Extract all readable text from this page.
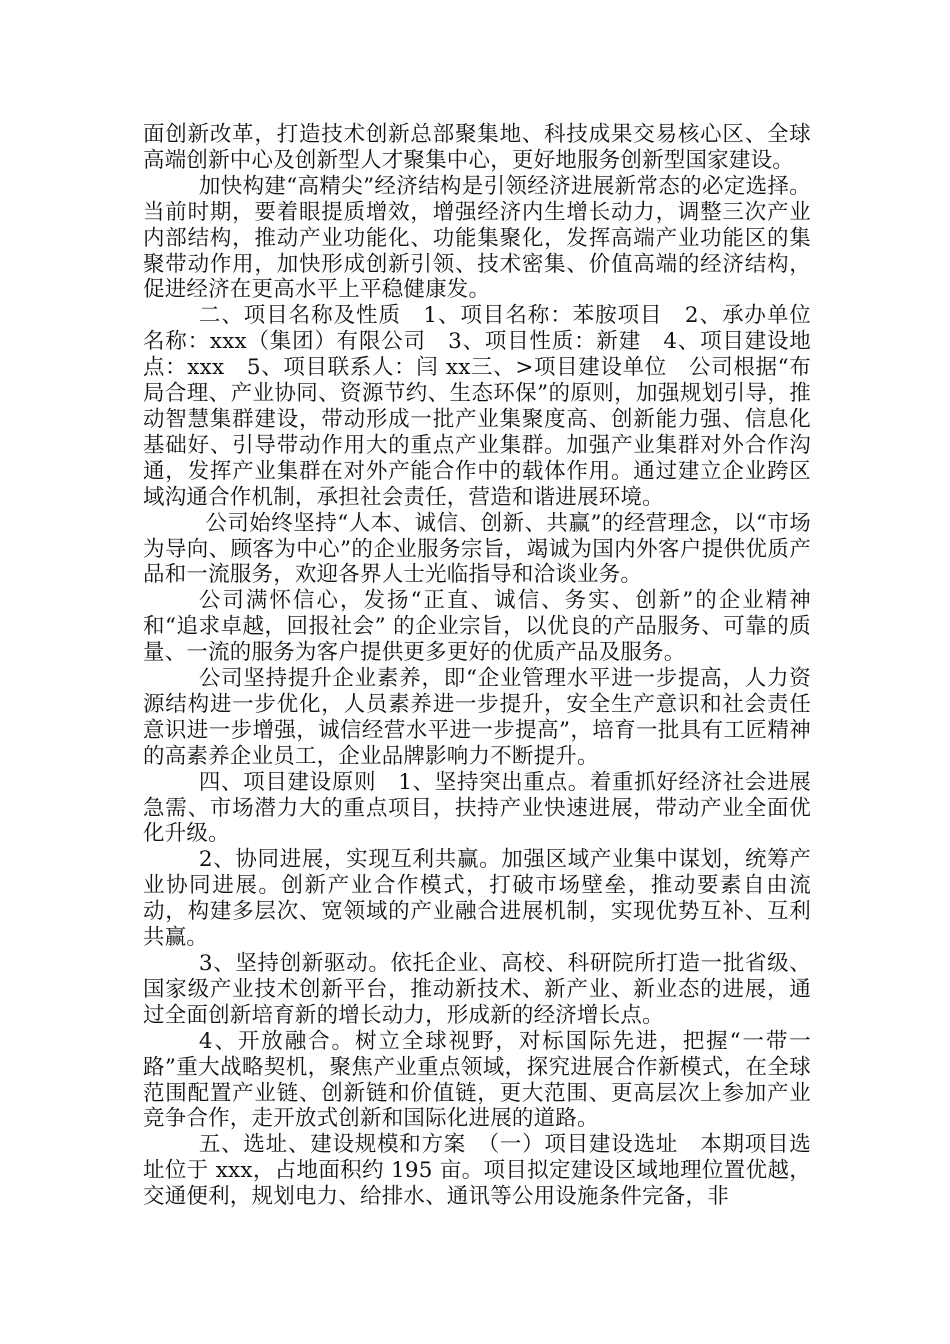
面创新改革，打造技术创新总部聚集地、科技成果交易核心区、全球高端创新中心及创新型人才聚集中心，更好地服务创新型国家建设。

加快构建“高精尖”经济结构是引领经济进展新常态的必定选择。当前时期，要着眼提质增效，增强经济内生增长动力，调整三次产业内部结构，推动产业功能化、功能集聚化，发挥高端产业功能区的集聚带动作用，加快形成创新引领、技术密集、价值高端的经济结构，促进经济在更高水平上平稳健康发。

二、项目名称及性质　1、项目名称：苯胺项目　2、承办单位名称：xxx（集团）有限公司　3、项目性质：新建　4、项目建设地点：xxx　5、项目联系人：闫 xx三、>项目建设单位　公司根据“布局合理、产业协同、资源节约、生态环保”的原则，加强规划引导，推动智慧集群建设，带动形成一批产业集聚度高、创新能力强、信息化基础好、引导带动作用大的重点产业集群。加强产业集群对外合作沟通，发挥产业集群在对外产能合作中的载体作用。通过建立企业跨区域沟通合作机制，承担社会责任，营造和谐进展环境。

公司始终坚持“人本、诚信、创新、共赢”的经营理念，以“市场为导向、顾客为中心”的企业服务宗旨，竭诚为国内外客户提供优质产品和一流服务，欢迎各界人士光临指导和洽谈业务。

公司满怀信心，发扬“正直、诚信、务实、创新”的企业精神和“追求卓越，回报社会” 的企业宗旨，以优良的产品服务、可靠的质量、一流的服务为客户提供更多更好的优质产品及服务。

公司坚持提升企业素养，即“企业管理水平进一步提高，人力资源结构进一步优化，人员素养进一步提升，安全生产意识和社会责任意识进一步增强，诚信经营水平进一步提高”，培育一批具有工匠精神的高素养企业员工，企业品牌影响力不断提升。

四、项目建设原则　1、坚持突出重点。着重抓好经济社会进展急需、市场潜力大的重点项目，扶持产业快速进展，带动产业全面优化升级。

2、协同进展，实现互利共赢。加强区域产业集中谋划，统筹产业协同进展。创新产业合作模式，打破市场壁垒，推动要素自由流动，构建多层次、宽领域的产业融合进展机制，实现优势互补、互利共赢。

3、坚持创新驱动。依托企业、高校、科研院所打造一批省级、国家级产业技术创新平台，推动新技术、新产业、新业态的进展，通过全面创新培育新的增长动力，形成新的经济增长点。

4、开放融合。树立全球视野，对标国际先进，把握“一带一路”重大战略契机，聚焦产业重点领域，探究进展合作新模式，在全球范围配置产业链、创新链和价值链，更大范围、更高层次上参加产业竞争合作，走开放式创新和国际化进展的道路。

五、选址、建设规模和方案　（一）项目建设选址　本期项目选址位于 xxx，占地面积约 195 亩。项目拟定建设区域地理位置优越，交通便利，规划电力、给排水、通讯等公用设施条件完备，非
